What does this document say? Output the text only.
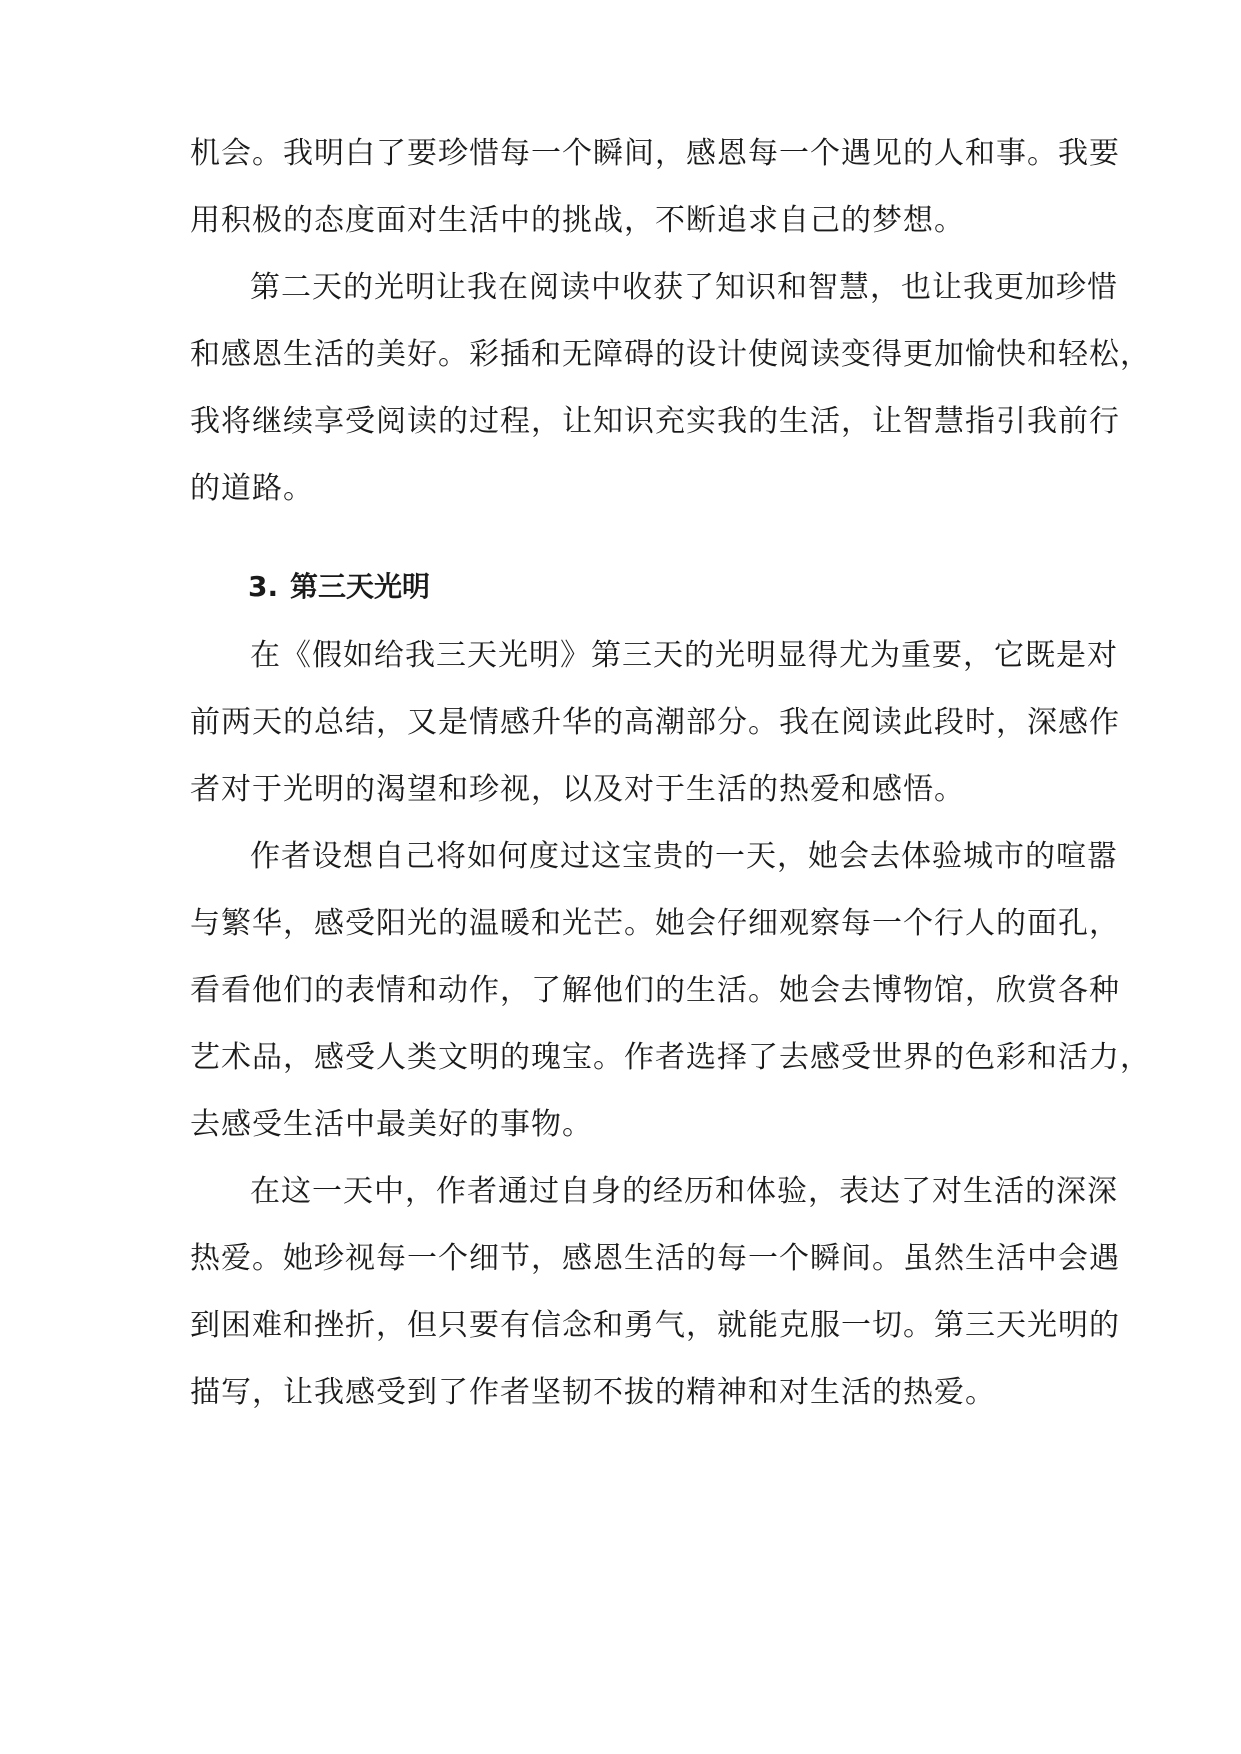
机会。我明白了要珍惜每一个瞬间，感恩每一个遇见的人和事。我要
用积极的态度面对生活中的挑战，不断追求自己的梦想。
第二天的光明让我在阅读中收获了知识和智慧，也让我更加珍惜
和感恩生活的美好。彩插和无障碍的设计使阅读变得更加愉快和轻松，
我将继续享受阅读的过程，让知识充实我的生活，让智慧指引我前行
的道路。
3. 第三天光明
在《假如给我三天光明》第三天的光明显得尤为重要，它既是对
前两天的总结，又是情感升华的高潮部分。我在阅读此段时，深感作
者对于光明的渴望和珍视，以及对于生活的热爱和感悟。
作者设想自己将如何度过这宝贵的一天，她会去体验城市的喧嚣
与繁华，感受阳光的温暖和光芒。她会仔细观察每一个行人的面孔，
看看他们的表情和动作，了解他们的生活。她会去博物馆，欣赏各种
艺术品，感受人类文明的瑰宝。作者选择了去感受世界的色彩和活力，
去感受生活中最美好的事物。
在这一天中，作者通过自身的经历和体验，表达了对生活的深深
热爱。她珍视每一个细节，感恩生活的每一个瞬间。虽然生活中会遇
到困难和挫折，但只要有信念和勇气，就能克服一切。第三天光明的
描写，让我感受到了作者坚韧不拔的精神和对生活的热爱。
